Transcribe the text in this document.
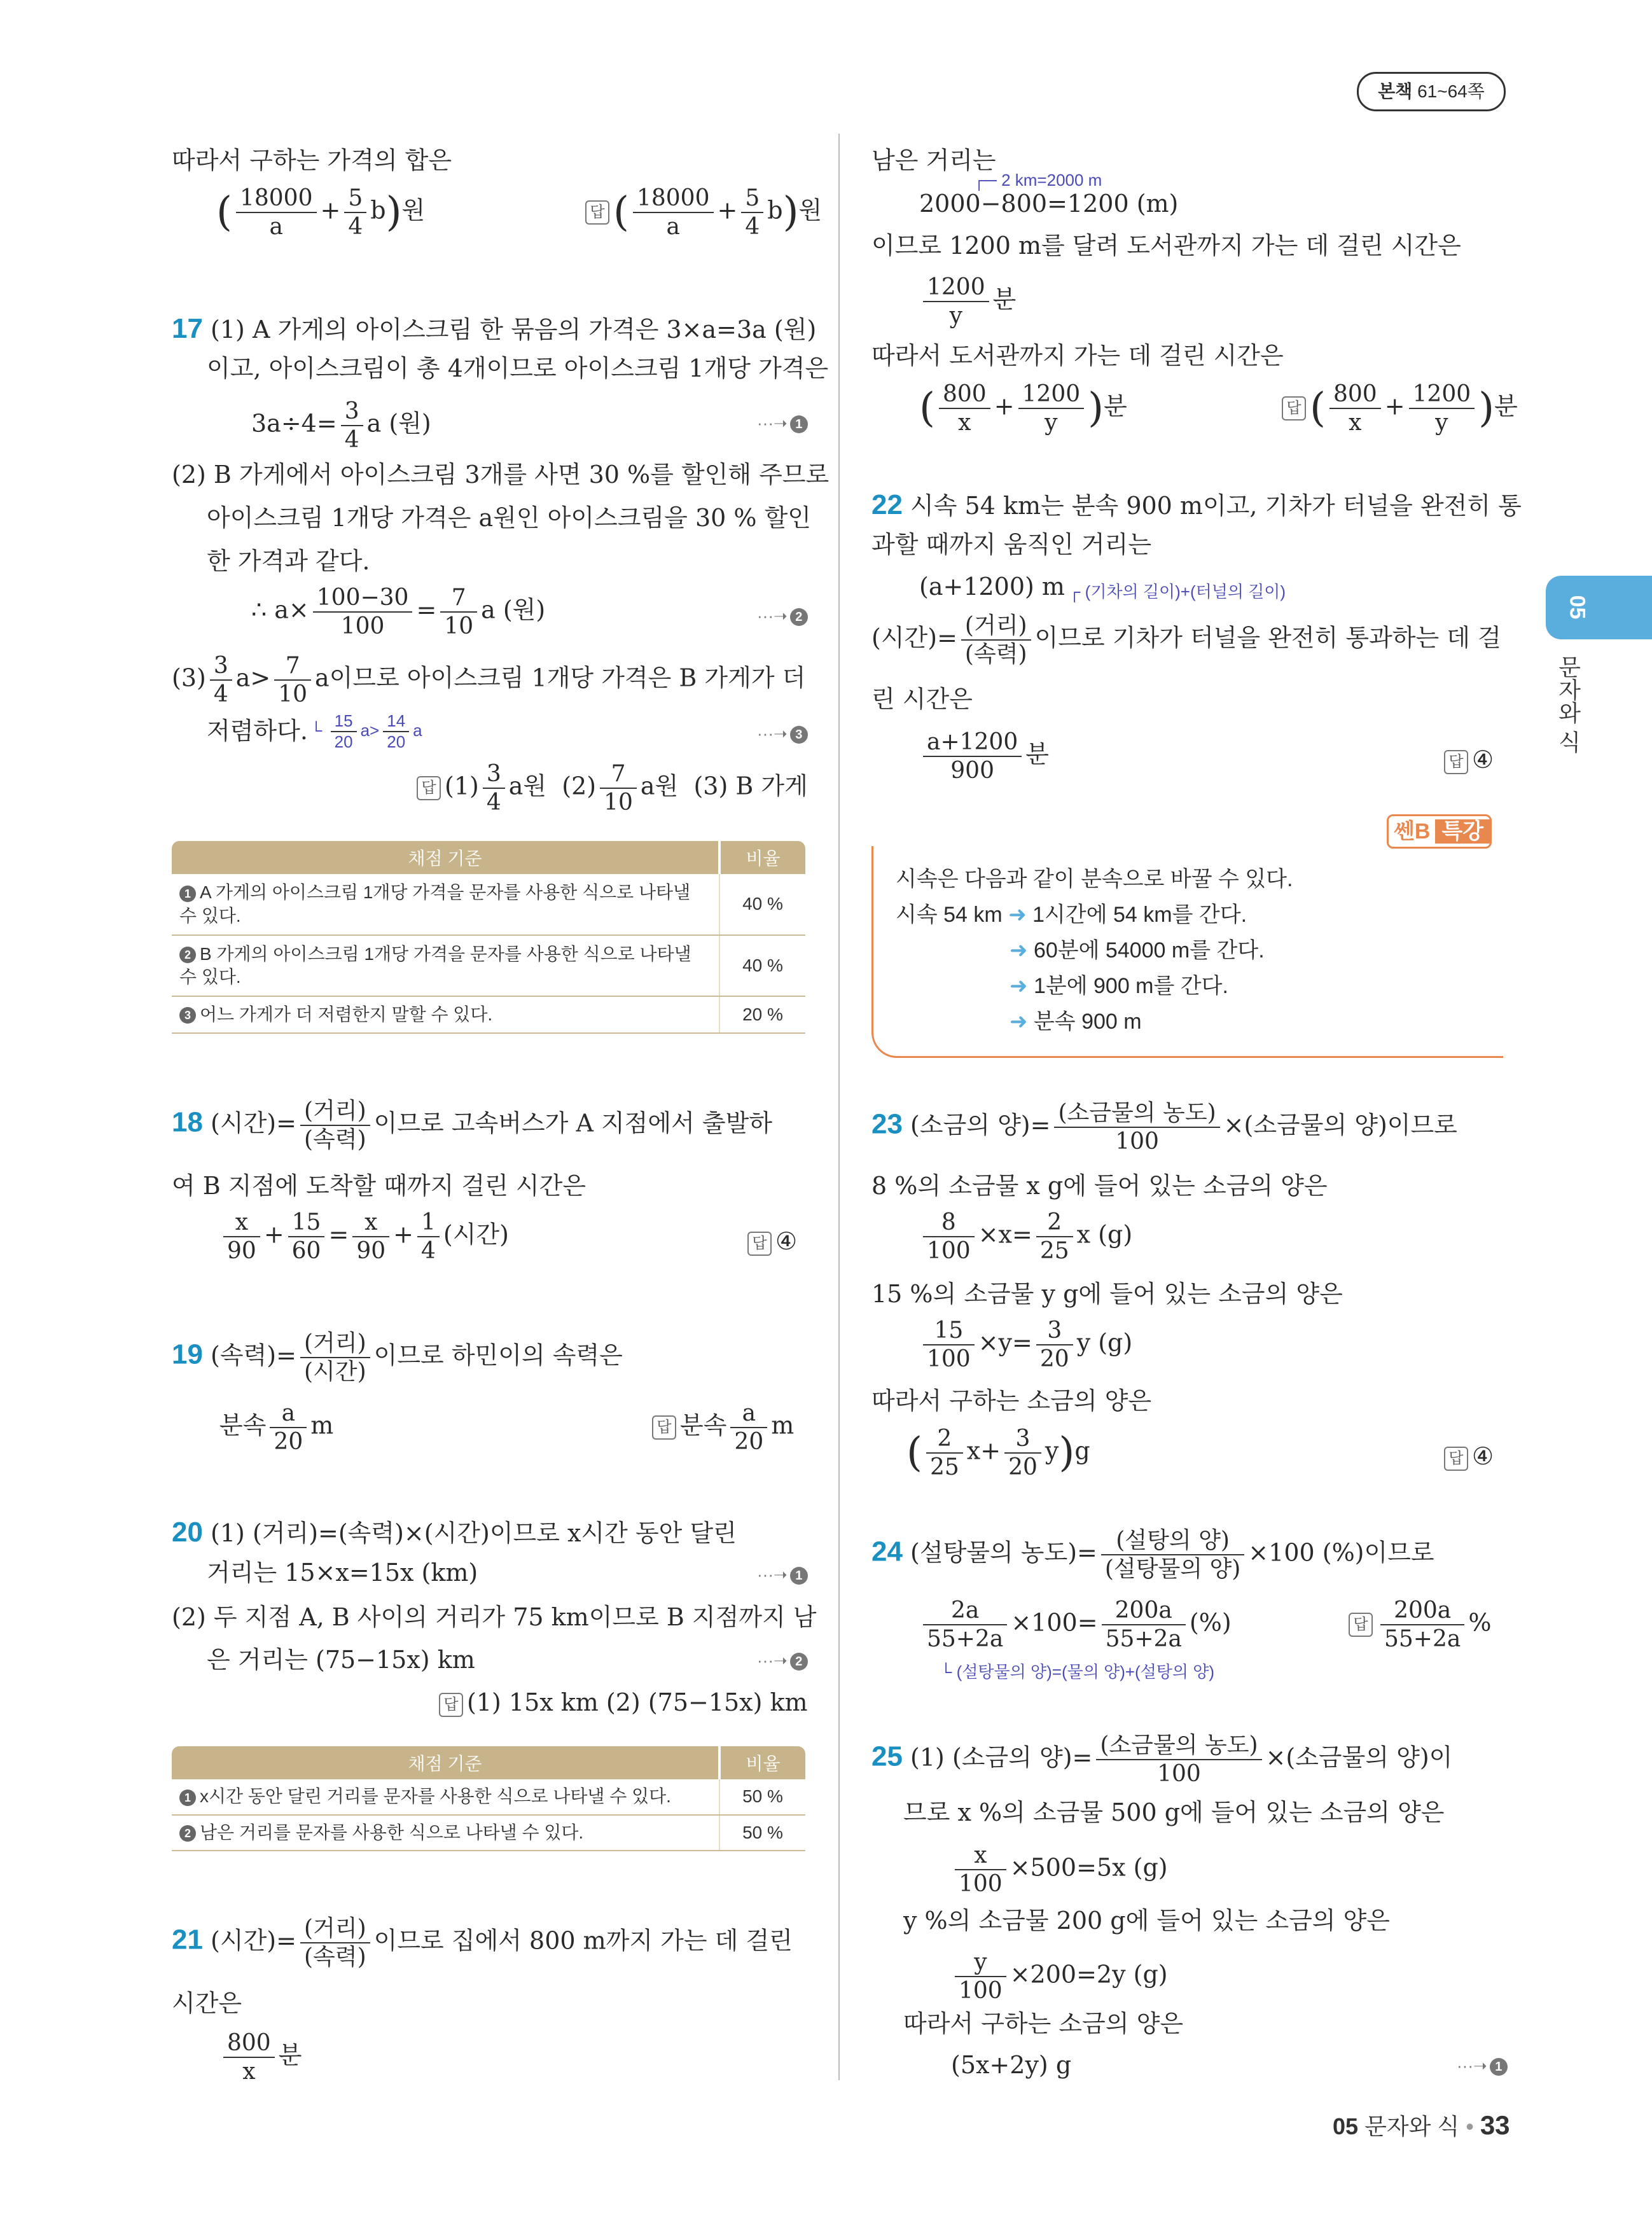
본책 61~64쪽
05
문자와 식
따라서 구하는 가격의 합은
( $\frac{18000}{a} + \frac{5}{4} b$)원	답 ( $\frac{18000}{a} + \frac{5}{4} b$)원
17 (1) A 가게의 아이스크림 한 묶음의 가격은 3×a=3a (원)
이고, 아이스크림이 총 4개이므로 아이스크림 1개당 가격은
$3a\div 4= \frac{3}{4}$ a (원)	···➝ 1
(2) B 가게에서 아이스크림 3개를 사면 30 %를 할인해 주므로
아이스크림 1개당 가격은 a원인 아이스크림을 30 % 할인
한 가격과 같다.
∴ $a\times \frac{100-30}{100} = \frac{7}{10}$ a (원)	···➝ 2
$(3) \frac{3}{4} a> \frac{7}{10}$ a이므로 아이스크림 1개당 가격은 B 가게가 더
저렴하다. └ $\frac{15}{20} a> \frac{14}{20}$ a	···➝ 3
답 $(1) \frac{3}{4}$ a원 $(2) \frac{7}{10}$ a원 (3) B 가게
채점 기준	비율
1 A 가게의 아이스크림 1개당 가격을 문자를 사용한 식으로 나타낼 수 있다.	40 %
2 B 가게의 아이스크림 1개당 가격을 문자를 사용한 식으로 나타낼 수 있다.	40 %
3 어느 가게가 더 저렴한지 말할 수 있다.	20 %
18 (시간)= $\frac{\text{(거리)}}{\text{(속력)}}$ 이므로 고속버스가 A 지점에서 출발하
여 B 지점에 도착할 때까지 걸린 시간은
$\frac{x}{90} + \frac{15}{60} = \frac{x}{90} + \frac{1}{4}$ (시간)	답 ④
19 (속력)= $\frac{\text{(거리)}}{\text{(시간)}}$ 이므로 하민이의 속력은
분속 $\frac{a}{20}$ m	답 분속 $\frac{a}{20}$ m
20 (1) (거리)=(속력)×(시간)이므로 x시간 동안 달린
거리는 15×x=15x (km)	···➝ 1
(2) 두 지점 A, B 사이의 거리가 75 km이므로 B 지점까지 남
은 거리는 (75−15x) km	···➝ 2
답 (1) 15x km (2) (75−15x) km
채점 기준	비율
1 x시간 동안 달린 거리를 문자를 사용한 식으로 나타낼 수 있다.	50 %
2 남은 거리를 문자를 사용한 식으로 나타낼 수 있다.	50 %
21 (시간)= $\frac{\text{(거리)}}{\text{(속력)}}$ 이므로 집에서 800 m까지 가는 데 걸린
시간은
$\frac{800}{x}$ 분
남은 거리는
┌─ 2 km=2000 m
2000−800=1200 (m)
이므로 1200 m를 달려 도서관까지 가는 데 걸린 시간은
$\frac{1200}{y}$ 분
따라서 도서관까지 가는 데 걸린 시간은
( $\frac{800}{x} + \frac{1200}{y}$ )분	답 ( $\frac{800}{x} + \frac{1200}{y}$ )분
22 시속 54 km는 분속 900 m이고, 기차가 터널을 완전히 통
과할 때까지 움직인 거리는
(a+1200) m ┌ (기차의 길이)+(터널의 길이)
(시간)= $\frac{\text{(거리)}}{\text{(속력)}}$ 이므로 기차가 터널을 완전히 통과하는 데 걸
린 시간은
$\frac{a+1200}{900}$ 분	답 ④
쎈B 특강
시속은 다음과 같이 분속으로 바꿀 수 있다.
시속 54 km ➜ 1시간에 54 km를 간다.
➜ 60분에 54000 m를 간다.
➜ 1분에 900 m를 간다.
➜ 분속 900 m
23 (소금의 양)= $\frac{\text{(소금물의 농도)}}{100}$ ×(소금물의 양)이므로
8 %의 소금물 x g에 들어 있는 소금의 양은
$\frac{8}{100} \times x= \frac{2}{25}$ x (g)
15 %의 소금물 y g에 들어 있는 소금의 양은
$\frac{15}{100} \times y= \frac{3}{20}$ y (g)
따라서 구하는 소금의 양은
( $\frac{2}{25} x+ \frac{3}{20} y)g$	답 ④
24 (설탕물의 농도)= $\frac{\text{(설탕의 양)}}{\text{(설탕물의 양)}} \times 100$ (%)이므로
$\frac{2a}{55+2a} \times 100= \frac{200a}{55+2a}$ (%)
└ (설탕물의 양)=(물의 양)+(설탕의 양)
답 $\frac{200a}{55+2a}$ %
25 (1) (소금의 양)= $\frac{\text{(소금물의 농도)}}{100}$ ×(소금물의 양)이
므로 x %의 소금물 500 g에 들어 있는 소금의 양은
$\frac{x}{100} \times 500=5x$ (g)
y %의 소금물 200 g에 들어 있는 소금의 양은
$\frac{y}{100} \times 200=2y$ (g)
따라서 구하는 소금의 양은
(5x+2y) g	···➝ 1
05 문자와 식 • 33
